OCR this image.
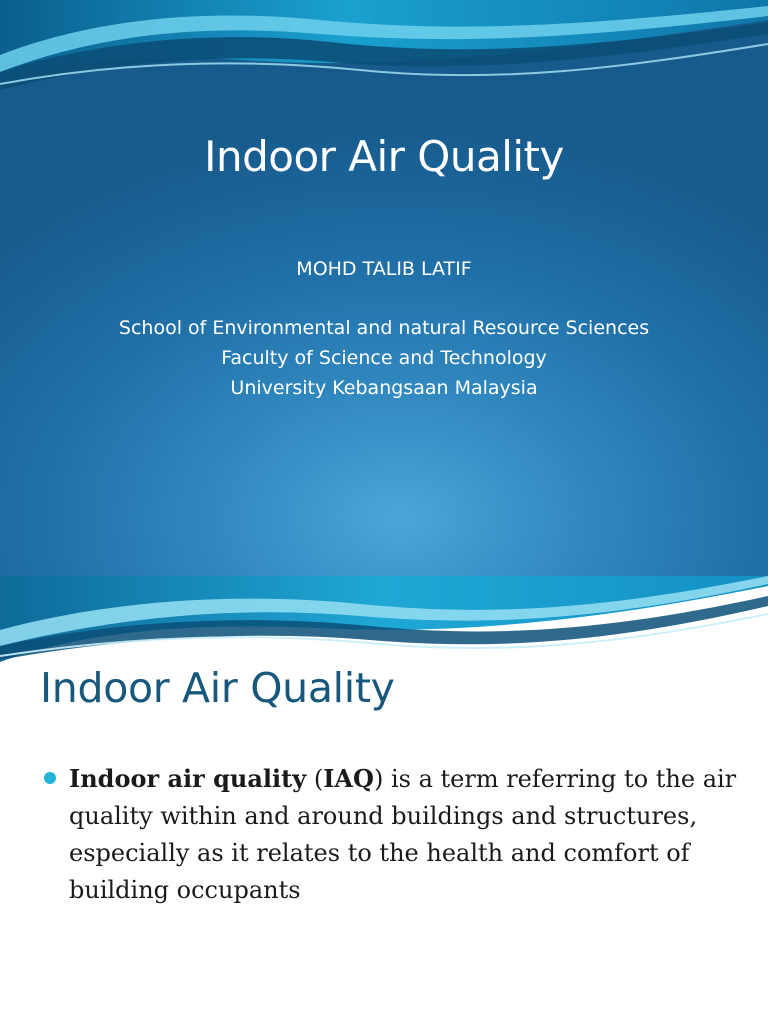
Indoor Air Quality
MOHD TALIB LATIF
School of Environmental and natural Resource Sciences
Faculty of Science and Technology
University Kebangsaan Malaysia
Indoor Air Quality
Indoor air quality (IAQ) is a term referring to the air quality within and around buildings and structures, especially as it relates to the health and comfort of building occupants
